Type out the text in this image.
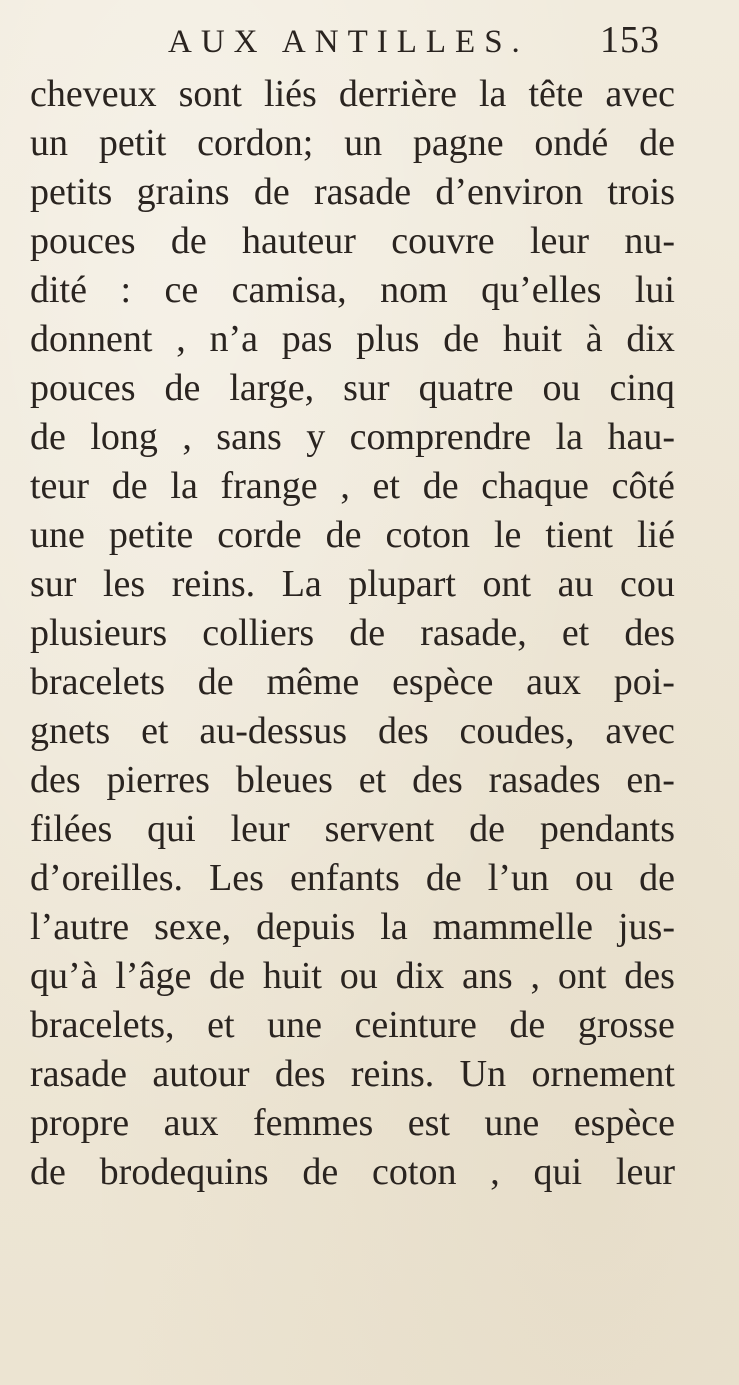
AUX ANTILLES. 153
cheveux sont liés derrière la tête avec
un petit cordon; un pagne ondé de
petits grains de rasade d’environ trois
pouces de hauteur couvre leur nu-
dité : ce camisa, nom qu’elles lui
donnent , n’a pas plus de huit à dix
pouces de large, sur quatre ou cinq
de long , sans y comprendre la hau-
teur de la frange , et de chaque côté
une petite corde de coton le tient lié
sur les reins. La plupart ont au cou
plusieurs colliers de rasade, et des
bracelets de même espèce aux poi-
gnets et au-dessus des coudes, avec
des pierres bleues et des rasades en-
filées qui leur servent de pendants
d’oreilles. Les enfants de l’un ou de
l’autre sexe, depuis la mammelle jus-
qu’à l’âge de huit ou dix ans , ont des
bracelets, et une ceinture de grosse
rasade autour des reins. Un ornement
propre aux femmes est une espèce
de brodequins de coton , qui leur
